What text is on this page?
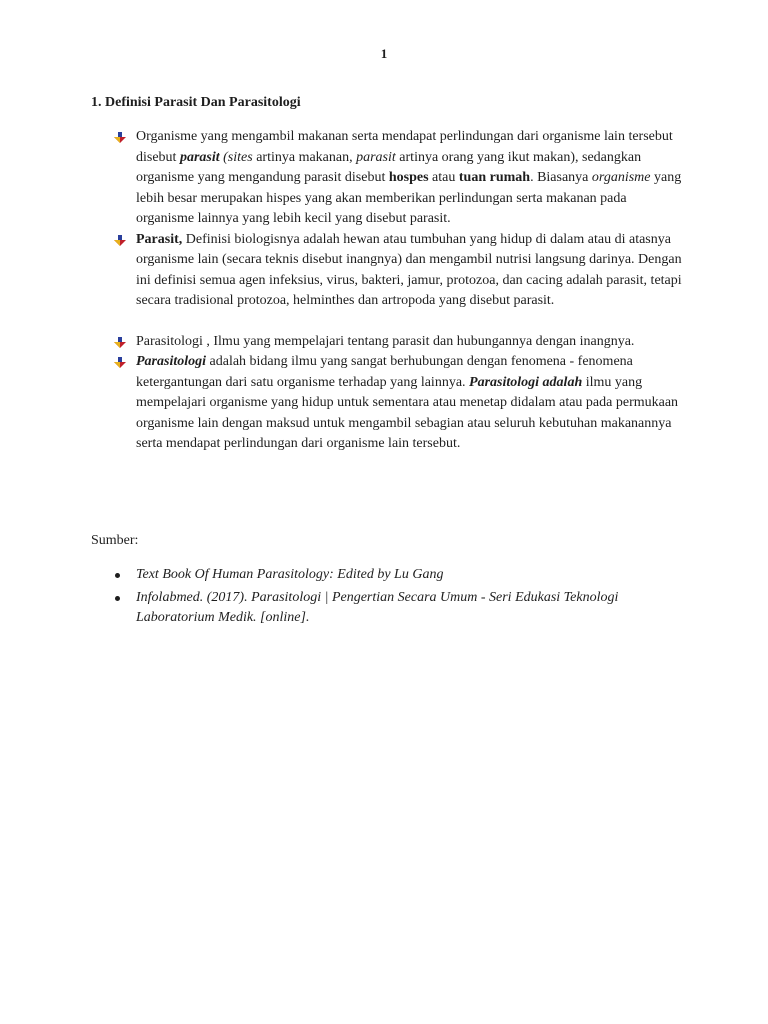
1
1. Definisi Parasit Dan Parasitologi
Organisme yang mengambil makanan serta mendapat perlindungan dari organisme lain tersebut disebut parasit (sites artinya makanan, parasit artinya orang yang ikut makan), sedangkan organisme yang mengandung parasit disebut hospes atau tuan rumah. Biasanya organisme yang lebih besar merupakan hispes yang akan memberikan perlindungan serta makanan pada organisme lainnya yang lebih kecil yang disebut parasit.
Parasit, Definisi biologisnya adalah hewan atau tumbuhan yang hidup di dalam atau di atasnya organisme lain (secara teknis disebut inangnya) dan mengambil nutrisi langsung darinya. Dengan ini definisi semua agen infeksius, virus, bakteri, jamur, protozoa, dan cacing adalah parasit, tetapi secara tradisional protozoa, helminthes dan artropoda yang disebut parasit.
Parasitologi , Ilmu yang mempelajari tentang parasit dan hubungannya dengan inangnya.
Parasitologi adalah bidang ilmu yang sangat berhubungan dengan fenomena - fenomena ketergantungan dari satu organisme terhadap yang lainnya. Parasitologi adalah ilmu yang mempelajari organisme yang hidup untuk sementara atau menetap didalam atau pada permukaan organisme lain dengan maksud untuk mengambil sebagian atau seluruh kebutuhan makanannya serta mendapat perlindungan dari organisme lain tersebut.
Sumber:
Text Book Of Human Parasitology: Edited by Lu Gang
Infolabmed. (2017). Parasitologi | Pengertian Secara Umum - Seri Edukasi Teknologi Laboratorium Medik. [online].
